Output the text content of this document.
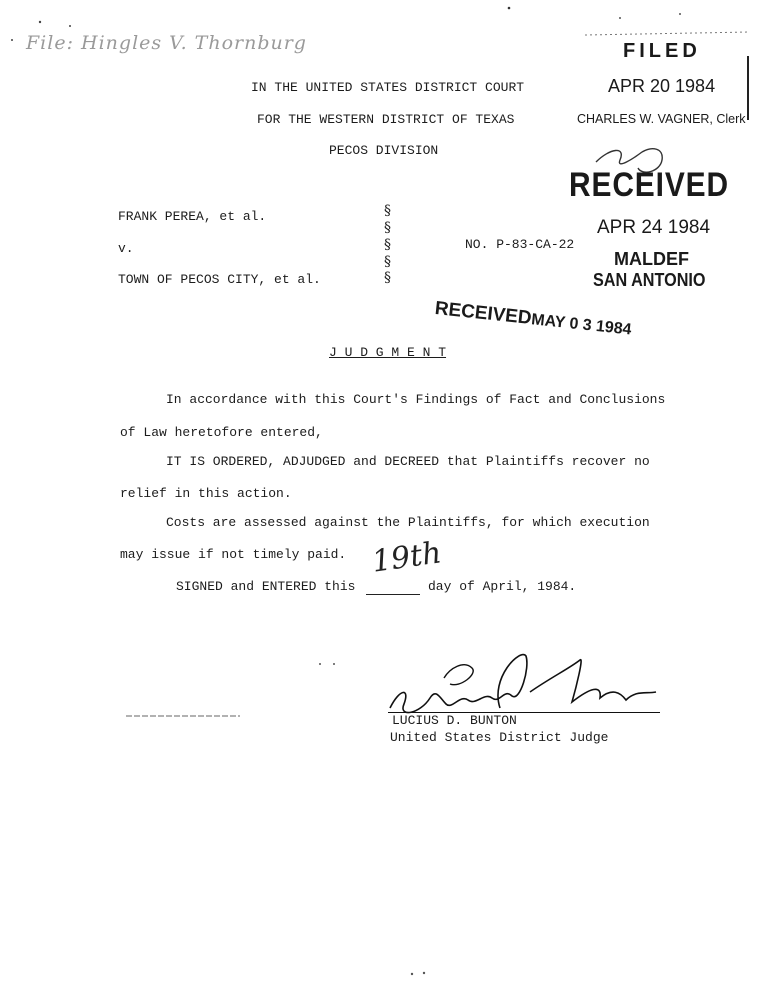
File: Hingles V. Thornburg
IN THE UNITED STATES DISTRICT COURT
FOR THE WESTERN DISTRICT OF TEXAS
PECOS DIVISION
FILED
APR 20 1984
CHARLES W. VAGNER, Clerk
RECEIVED
APR 24 1984
MALDEF
SAN ANTONIO
RECEIVEDMAY 0 3 1984
FRANK PEREA, et al.
v.
TOWN OF PECOS CITY, et al.
NO. P-83-CA-22
§
§
§
§
§
J U D G M E N T
In accordance with this Court's Findings of Fact and Conclusions
of Law heretofore entered,
IT IS ORDERED, ADJUDGED and DECREED that Plaintiffs recover no
relief in this action.
Costs are assessed against the Plaintiffs, for which execution
may issue if not timely paid.
SIGNED and ENTERED this
19th
day of April, 1984.
LUCIUS D. BUNTON
United States District Judge
